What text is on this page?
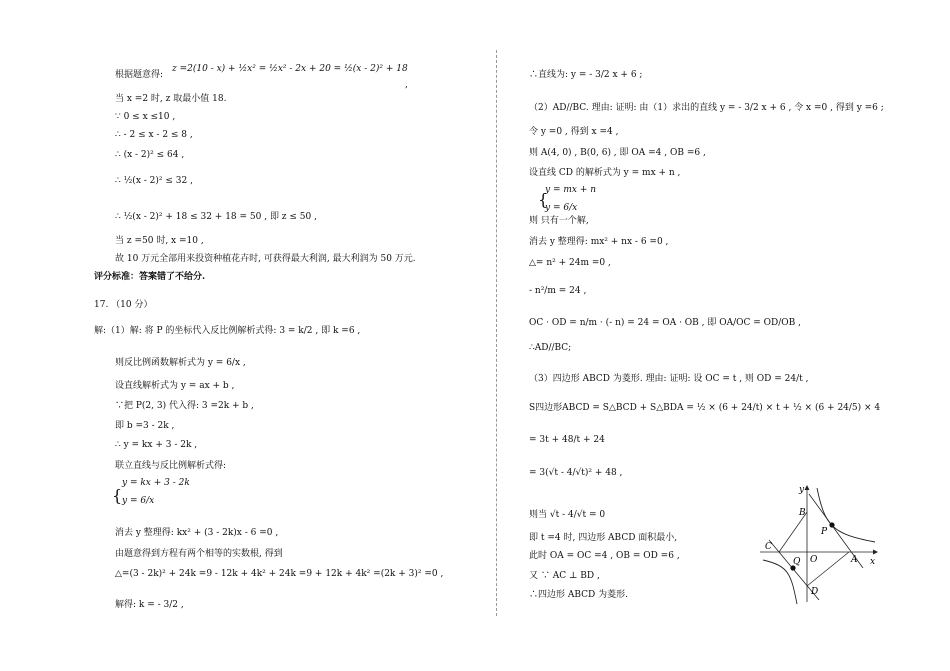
根据题意得:
z =2(10 - x) + ½x² = ½x² - 2x + 20 = ½(x - 2)² + 18
,
当 x =2 时, z 取最小值 18.
∵ 0 ≤ x ≤10 ,
∴ - 2 ≤ x - 2 ≤ 8 ,
∴ (x - 2)² ≤ 64 ,
∴ ½(x - 2)² ≤ 32 ,
∴ ½(x - 2)² + 18 ≤ 32 + 18 = 50 , 即 z ≤ 50 ,
当 z =50 时, x =10 ,
故 10 万元全部用来投资种植花卉时, 可获得最大利润, 最大利润为 50 万元.
评分标准：答案错了不给分.
17. （10 分）
解:（1）解: 将 P 的坐标代入反比例解析式得: 3 = k/2 , 即 k =6 ,
则反比例函数解析式为 y = 6/x ,
设直线解析式为 y = ax + b ,
∵把 P(2, 3) 代入得: 3 =2k + b ,
即 b =3 - 2k ,
∴ y = kx + 3 - 2k ,
联立直线与反比例解析式得:
{
y = kx + 3 - 2k
y = 6/x
消去 y 整理得: kx² + (3 - 2k)x - 6 =0 ,
由题意得到方程有两个相等的实数根, 得到
△=(3 - 2k)² + 24k =9 - 12k + 4k² + 24k =9 + 12k + 4k² =(2k + 3)² =0 ,
解得: k = - 3/2 ,
∴直线为: y = - 3/2 x + 6 ;
（2）AD//BC. 理由: 证明: 由（1）求出的直线 y = - 3/2 x + 6 , 令 x =0 , 得到 y =6 ;
令 y =0 , 得到 x =4 ,
则 A(4, 0) , B(0, 6) , 即 OA =4 , OB =6 ,
设直线 CD 的解析式为 y = mx + n ,
{
y = mx + n
y = 6/x
则 只有一个解,
消去 y 整理得: mx² + nx - 6 =0 ,
△= n² + 24m =0 ,
- n²/m = 24 ,
OC · OD = n/m · (- n) = 24 = OA · OB , 即 OA/OC = OD/OB ,
∴AD//BC;
（3）四边形 ABCD 为菱形. 理由: 证明: 设 OC = t , 则 OD = 24/t ,
S四边形ABCD = S△BCD + S△BDA = ½ × (6 + 24/t) × t + ½ × (6 + 24/5) × 4
= 3t + 48/t + 24
= 3(√t - 4/√t)² + 48 ,
则当 √t - 4/√t = 0
即 t =4 时, 四边形 ABCD 面积最小,
此时 OA = OC =4 , OB = OD =6 ,
又 ∵ AC ⊥ BD ,
∴四边形 ABCD 为菱形.
y
x
B
P
C
O
Q	A
D
